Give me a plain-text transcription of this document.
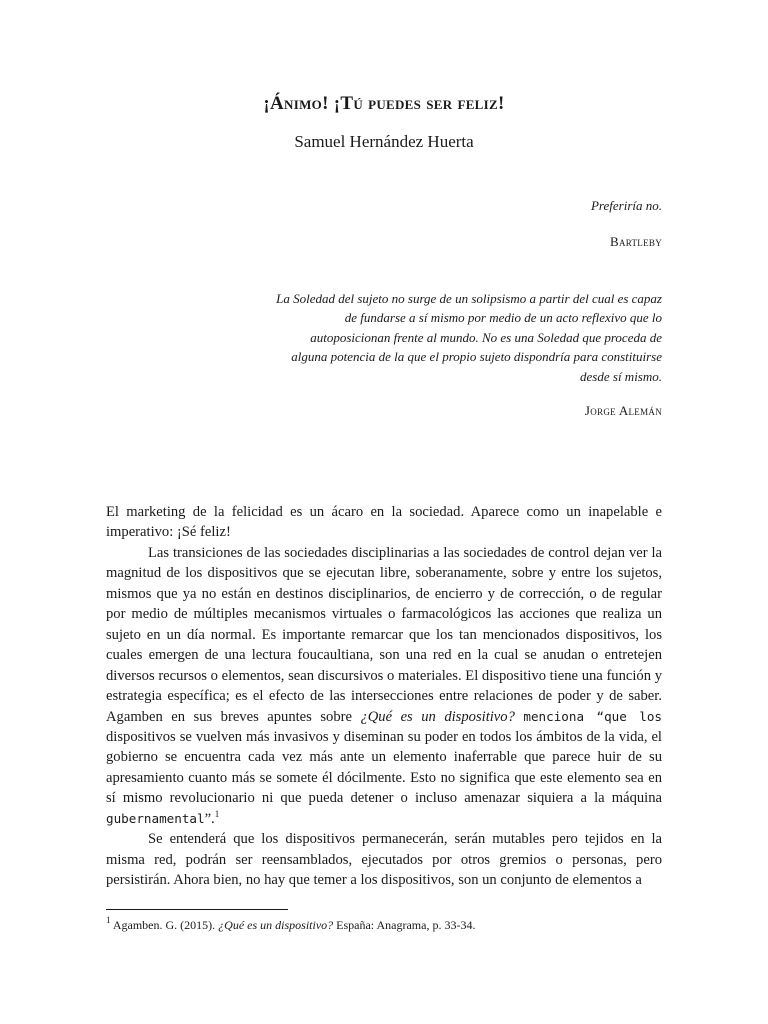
¡Ánimo! ¡Tú puedes ser feliz!
Samuel Hernández Huerta
Preferiría no.
Bartleby
La Soledad del sujeto no surge de un solipsismo a partir del cual es capaz
de fundarse a sí mismo por medio de un acto reflexivo que lo
autoposicionan frente al mundo. No es una Soledad que proceda de
alguna potencia de la que el propio sujeto dispondría para constituirse
desde sí mismo.
Jorge Alemán

El marketing de la felicidad es un ácaro en la sociedad. Aparece como un inapelable e imperativo: ¡Sé feliz!

Las transiciones de las sociedades disciplinarias a las sociedades de control dejan ver la magnitud de los dispositivos que se ejecutan libre, soberanamente, sobre y entre los sujetos, mismos que ya no están en destinos disciplinarios, de encierro y de corrección, o de regular por medio de múltiples mecanismos virtuales o farmacológicos las acciones que realiza un sujeto en un día normal. Es importante remarcar que los tan mencionados dispositivos, los cuales emergen de una lectura foucaultiana, son una red en la cual se anudan o entretejen diversos recursos o elementos, sean discursivos o materiales. El dispositivo tiene una función y estrategia específica; es el efecto de las intersecciones entre relaciones de poder y de saber. Agamben en sus breves apuntes sobre ¿Qué es un dispositivo? menciona “que los dispositivos se vuelven más invasivos y diseminan su poder en todos los ámbitos de la vida, el gobierno se encuentra cada vez más ante un elemento inaferrable que parece huir de su apresamiento cuanto más se somete él dócilmente. Esto no significa que este elemento sea en sí mismo revolucionario ni que pueda detener o incluso amenazar siquiera a la máquina gubernamental”.$^1$

Se entenderá que los dispositivos permanecerán, serán mutables pero tejidos en la misma red, podrán ser reensamblados, ejecutados por otros gremios o personas, pero persistirán. Ahora bien, no hay que temer a los dispositivos, son un conjunto de elementos a

$^1$ Agamben. G. (2015). ¿Qué es un dispositivo? España: Anagrama, p. 33-34.
